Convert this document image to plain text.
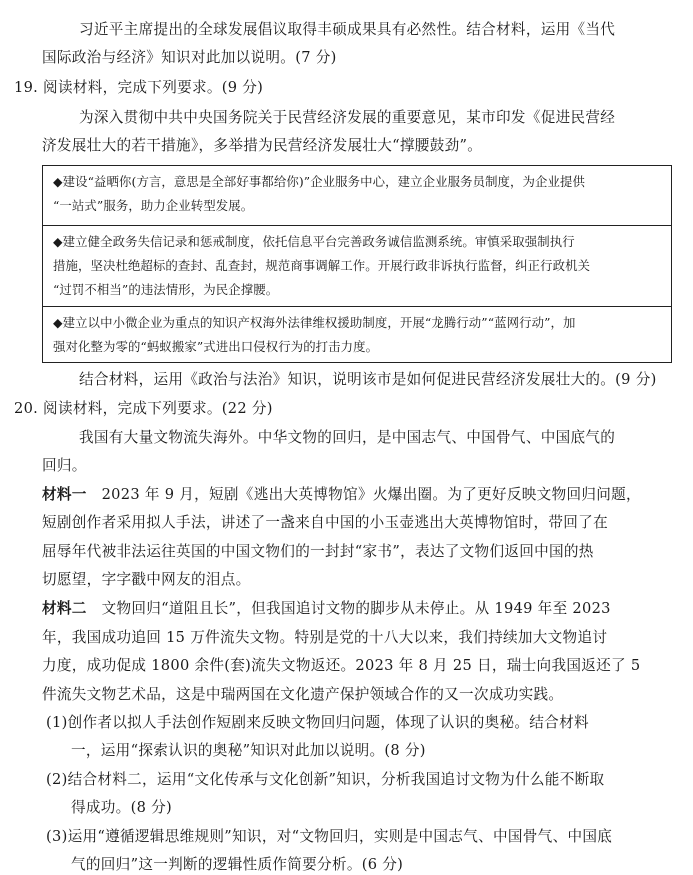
习近平主席提出的全球发展倡议取得丰硕成果具有必然性。结合材料，运用《当代
国际政治与经济》知识对此加以说明。(7 分)
19. 阅读材料，完成下列要求。(9 分)
为深入贯彻中共中央国务院关于民营经济发展的重要意见，某市印发《促进民营经
济发展壮大的若干措施》，多举措为民营经济发展壮大“撑腰鼓劲”。
◆建设“益晒你(方言，意思是全部好事都给你)”企业服务中心，建立企业服务员制度，为企业提供
“一站式”服务，助力企业转型发展。
◆建立健全政务失信记录和惩戒制度，依托信息平台完善政务诚信监测系统。审慎采取强制执行
措施，坚决杜绝超标的查封、乱查封，规范商事调解工作。开展行政非诉执行监督，纠正行政机关
“过罚不相当”的违法情形，为民企撑腰。
◆建立以中小微企业为重点的知识产权海外法律维权援助制度，开展“龙腾行动”“蓝网行动”，加
强对化整为零的“蚂蚁搬家”式进出口侵权行为的打击力度。
结合材料，运用《政治与法治》知识，说明该市是如何促进民营经济发展壮大的。(9 分)
20. 阅读材料，完成下列要求。(22 分)
我国有大量文物流失海外。中华文物的回归，是中国志气、中国骨气、中国底气的
回归。
材料一  2023 年 9 月，短剧《逃出大英博物馆》火爆出圈。为了更好反映文物回归问题，
短剧创作者采用拟人手法，讲述了一盏来自中国的小玉壶逃出大英博物馆时，带回了在
屈辱年代被非法运往英国的中国文物们的一封封“家书”，表达了文物们返回中国的热
切愿望，字字戳中网友的泪点。
材料二  文物回归“道阻且长”，但我国追讨文物的脚步从未停止。从 1949 年至 2023
年，我国成功追回 15 万件流失文物。特别是党的十八大以来，我们持续加大文物追讨
力度，成功促成 1800 余件(套)流失文物返还。2023 年 8 月 25 日，瑞士向我国返还了 5
件流失文物艺术品，这是中瑞两国在文化遗产保护领域合作的又一次成功实践。
(1)创作者以拟人手法创作短剧来反映文物回归问题，体现了认识的奥秘。结合材料
一，运用“探索认识的奥秘”知识对此加以说明。(8 分)
(2)结合材料二，运用“文化传承与文化创新”知识，分析我国追讨文物为什么能不断取
得成功。(8 分)
(3)运用“遵循逻辑思维规则”知识，对“文物回归，实则是中国志气、中国骨气、中国底
气的回归”这一判断的逻辑性质作简要分析。(6 分)
